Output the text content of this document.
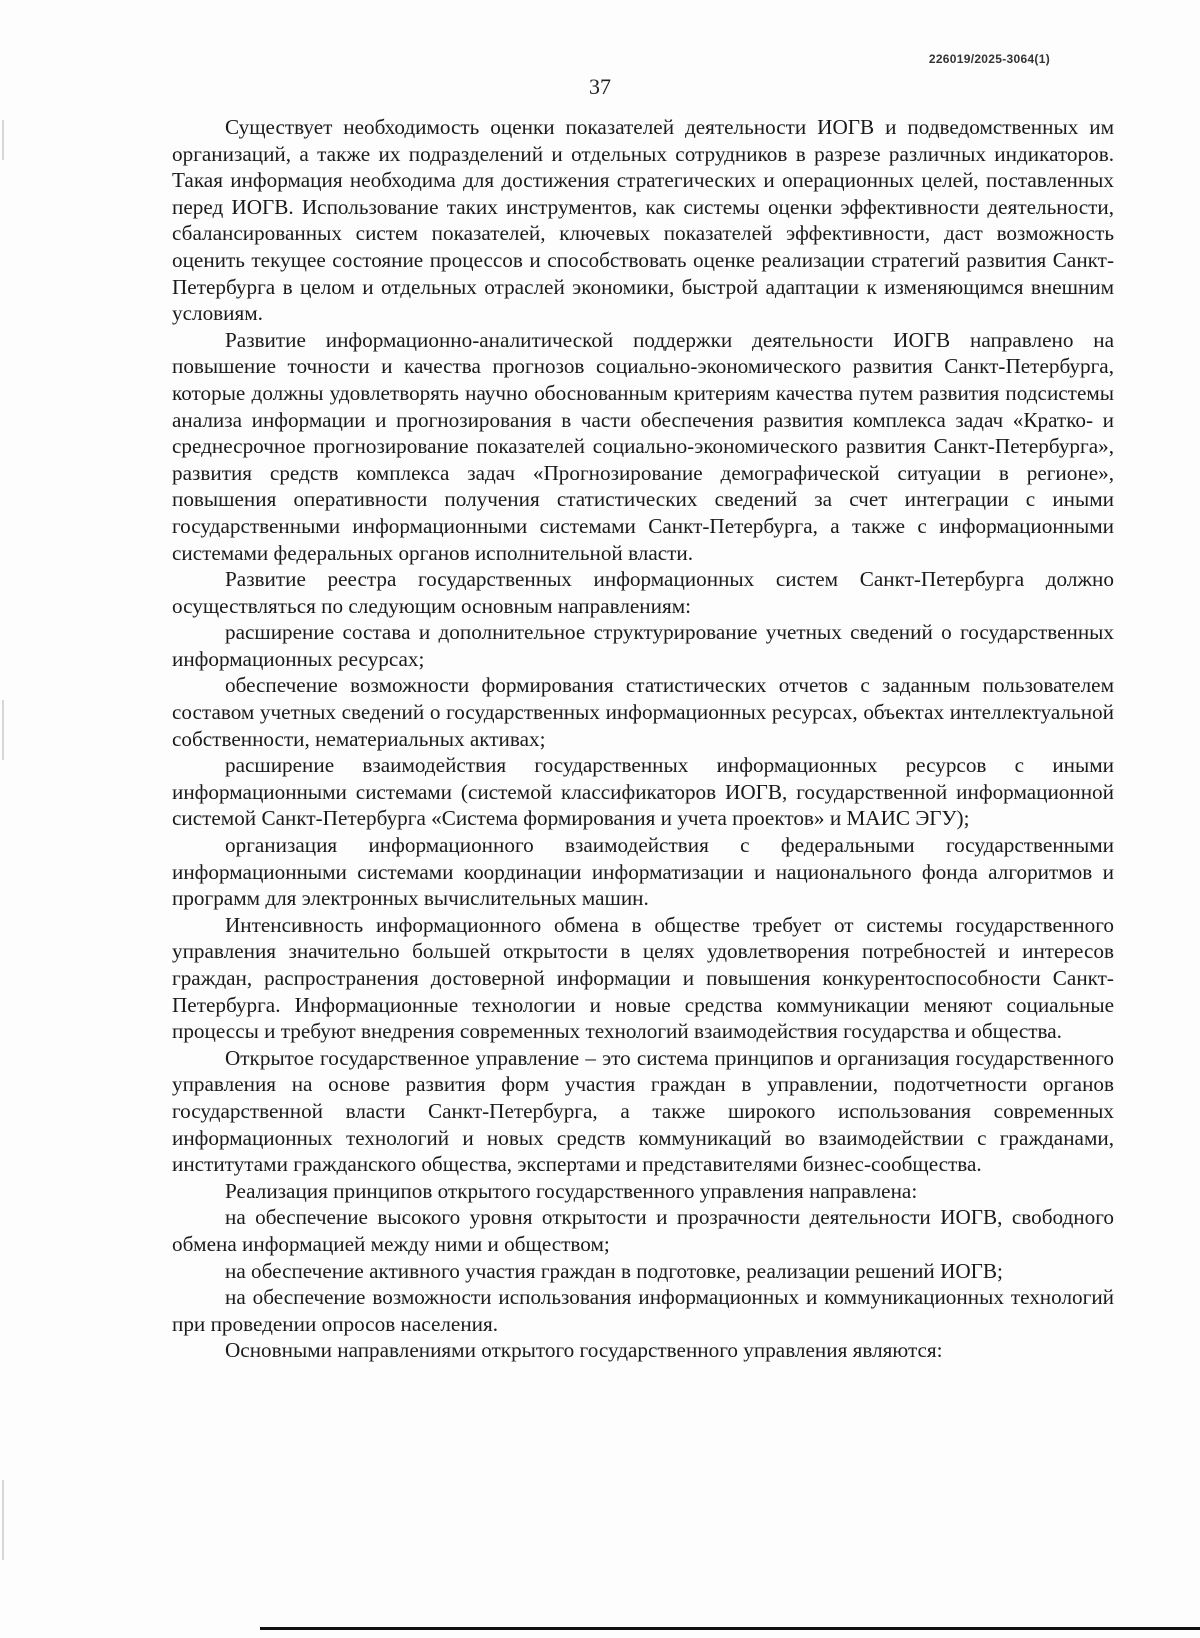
226019/2025-3064(1)
37

Существует необходимость оценки показателей деятельности ИОГВ и подведомственных им организаций, а также их подразделений и отдельных сотрудников в разрезе различных индикаторов. Такая информация необходима для достижения стратегических и операционных целей, поставленных перед ИОГВ. Использование таких инструментов, как системы оценки эффективности деятельности, сбалансированных систем показателей, ключевых показателей эффективности, даст возможность оценить текущее состояние процессов и способствовать оценке реализации стратегий развития Санкт-Петербурга в целом и отдельных отраслей экономики, быстрой адаптации к изменяющимся внешним условиям.

Развитие информационно-аналитической поддержки деятельности ИОГВ направлено на повышение точности и качества прогнозов социально-экономического развития Санкт-Петербурга, которые должны удовлетворять научно обоснованным критериям качества путем развития подсистемы анализа информации и прогнозирования в части обеспечения развития комплекса задач «Кратко- и среднесрочное прогнозирование показателей социально-экономического развития Санкт-Петербурга», развития средств комплекса задач «Прогнозирование демографической ситуации в регионе», повышения оперативности получения статистических сведений за счет интеграции с иными государственными информационными системами Санкт-Петербурга, а также с информационными системами федеральных органов исполнительной власти.

Развитие реестра государственных информационных систем Санкт-Петербурга должно осуществляться по следующим основным направлениям:

расширение состава и дополнительное структурирование учетных сведений о государственных информационных ресурсах;

обеспечение возможности формирования статистических отчетов с заданным пользователем составом учетных сведений о государственных информационных ресурсах, объектах интеллектуальной собственности, нематериальных активах;

расширение взаимодействия государственных информационных ресурсов с иными информационными системами (системой классификаторов ИОГВ, государственной информационной системой Санкт-Петербурга «Система формирования и учета проектов» и МАИС ЭГУ);

организация информационного взаимодействия с федеральными государственными информационными системами координации информатизации и национального фонда алгоритмов и программ для электронных вычислительных машин.

Интенсивность информационного обмена в обществе требует от системы государственного управления значительно большей открытости в целях удовлетворения потребностей и интересов граждан, распространения достоверной информации и повышения конкурентоспособности Санкт-Петербурга. Информационные технологии и новые средства коммуникации меняют социальные процессы и требуют внедрения современных технологий взаимодействия государства и общества.

Открытое государственное управление – это система принципов и организация государственного управления на основе развития форм участия граждан в управлении, подотчетности органов государственной власти Санкт-Петербурга, а также широкого использования современных информационных технологий и новых средств коммуникаций во взаимодействии с гражданами, институтами гражданского общества, экспертами и представителями бизнес-сообщества.

Реализация принципов открытого государственного управления направлена:

на обеспечение высокого уровня открытости и прозрачности деятельности ИОГВ, свободного обмена информацией между ними и обществом;

на обеспечение активного участия граждан в подготовке, реализации решений ИОГВ;

на обеспечение возможности использования информационных и коммуникационных технологий при проведении опросов населения.

Основными направлениями открытого государственного управления являются:
